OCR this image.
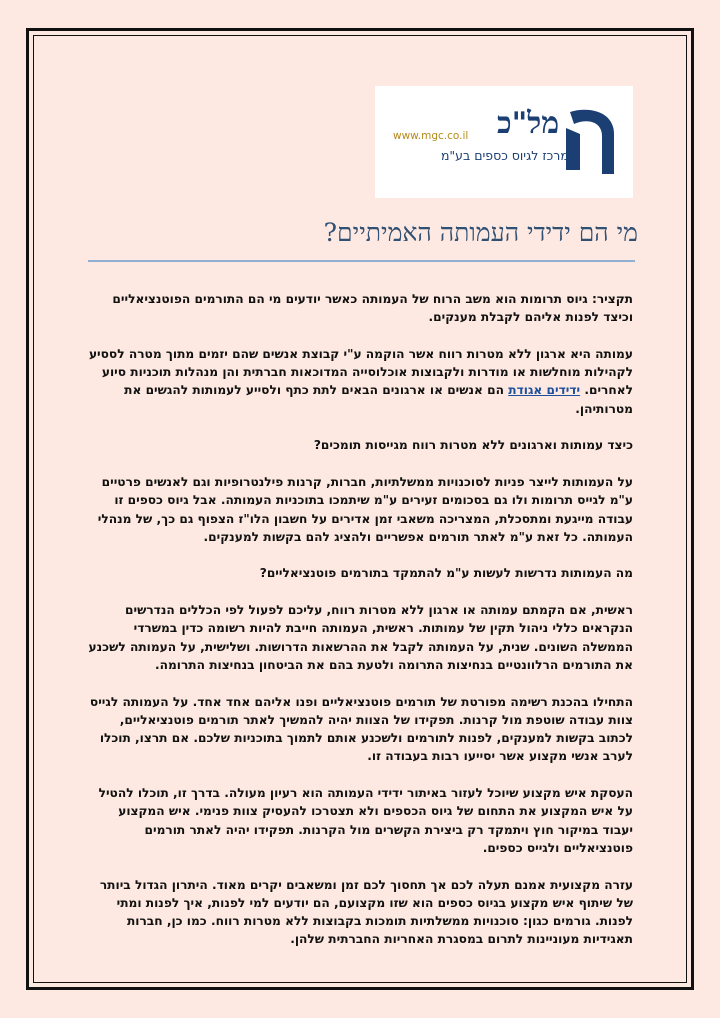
מל"כ
www.mgc.co.il
המרכז לגיוס כספים בע"מ
מי הם ידידי העמותה האמיתיים?

תקציר: גיוס תרומות הוא משב הרוח של העמותה כאשר יודעים מי הם התורמים הפוטנציאליים וכיצד לפנות אליהם לקבלת מענקים.

עמותה היא ארגון ללא מטרות רווח אשר הוקמה ע"י קבוצת אנשים שהם יזמים מתוך מטרה לססיע לקהילות מוחלשות או מודרות ולקבוצות אוכלוסייה המדוכאות חברתית והן מנהלות תוכניות סיוע לאחרים. ידידים אגודת הם אנשים או ארגונים הבאים לתת כתף ולסייע לעמותות להגשים את מטרותיהן.

כיצד עמותות וארגונים ללא מטרות רווח מגייסות תומכים?

על העמותות לייצר פניות לסוכנויות ממשלתיות, חברות, קרנות פילנטרופיות וגם לאנשים פרטיים ע"מ לגייס תרומות ולו גם בסכומים זעירים ע"מ שיתמכו בתוכניות העמותה. אבל גיוס כספים זו עבודה מייגעת ומתסכלת, המצריכה משאבי זמן אדירים על חשבון הלו"ז הצפוף גם כך, של מנהלי העמותה. כל זאת ע"מ לאתר תורמים אפשריים ולהציג להם בקשות למענקים.

מה העמותות נדרשות לעשות ע"מ להתמקד בתורמים פוטנציאליים?

ראשית, אם הקמתם עמותה או ארגון ללא מטרות רווח, עליכם לפעול לפי הכללים הנדרשים הנקראים כללי ניהול תקין של עמותות. ראשית, העמותה חייבת להיות רשומה כדין במשרדי הממשלה השונים. שנית, על העמותה לקבל את ההרשאות הדרושות. ושלישית, על העמותה לשכנע את התורמים הרלוונטיים בנחיצות התרומה ולטעת בהם את הביטחון בנחיצות התרומה.

התחילו בהכנת רשימה מפורטת של תורמים פוטנציאליים ופנו אליהם אחד אחד. על העמותה לגייס צוות עבודה שוטפת מול קרנות. תפקידו של הצוות יהיה להמשיך לאתר תורמים פוטנציאליים, לכתוב בקשות למענקים, לפנות לתורמים ולשכנע אותם לתמוך בתוכניות שלכם. אם תרצו, תוכלו לערב אנשי מקצוע אשר יסייעו רבות בעבודה זו.

העסקת איש מקצוע שיוכל לעזור באיתור ידידי העמותה הוא רעיון מעולה. בדרך זו, תוכלו להטיל על איש המקצוע את התחום של גיוס הכספים ולא תצטרכו להעסיק צוות פנימי. איש המקצוע יעבוד במיקור חוץ ויתמקד רק ביצירת הקשרים מול הקרנות. תפקידו יהיה לאתר תורמים פוטנציאליים ולגייס כספים.

עזרה מקצועית אמנם תעלה לכם אך תחסוך לכם זמן ומשאבים יקרים מאוד. היתרון הגדול ביותר של שיתוף איש מקצוע בגיוס כספים הוא שזו מקצועם, הם יודעים למי לפנות, איך לפנות ומתי לפנות. גורמים כגון: סוכנויות ממשלתיות תומכות בקבוצות ללא מטרות רווח. כמו כן, חברות תאגידיות מעוניינות לתרום במסגרת האחריות החברתית שלהן.
